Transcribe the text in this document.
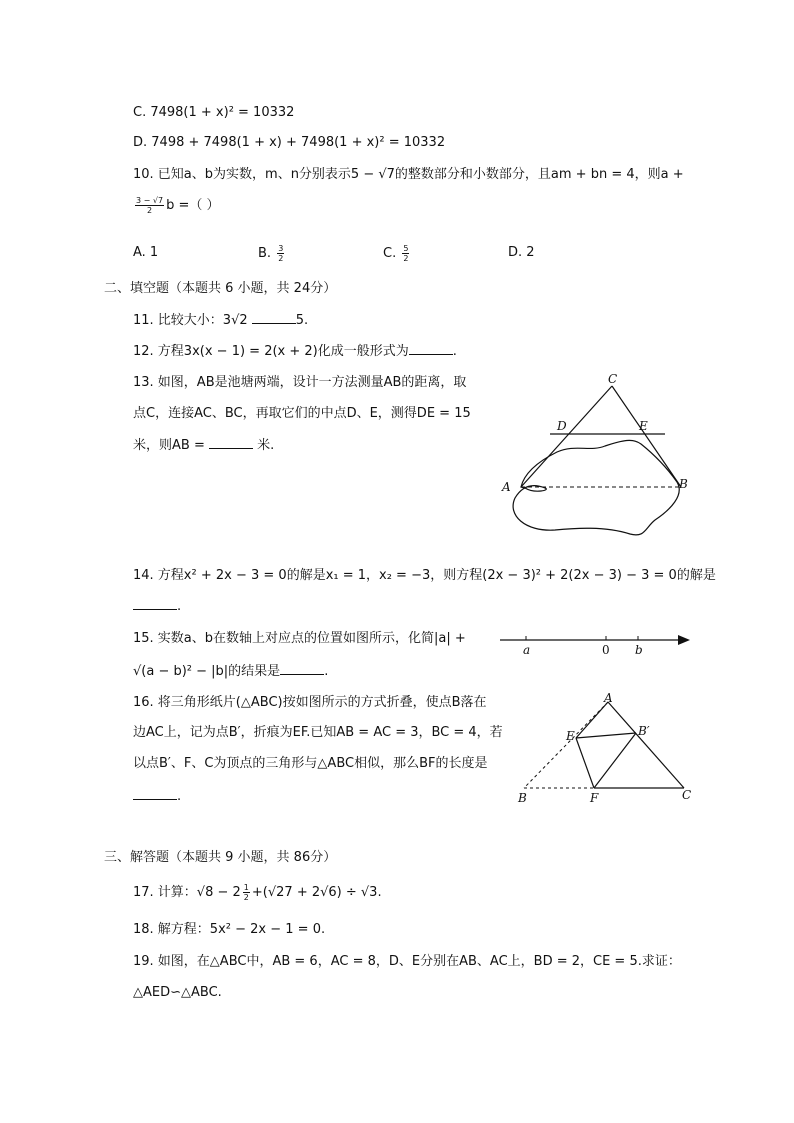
C. 7498(1 + x)² = 10332
D. 7498 + 7498(1 + x) + 7498(1 + x)² = 10332
10. 已知a、b为实数，m、n分别表示5 − √7的整数部分和小数部分，且am + bn = 4，则a +
$\frac{3 - √7}{2}$ b =（ ）
A. 1	B. $\frac{3}{2}$	C. $\frac{5}{2}$	D. 2
二、填空题（本题共 6 小题，共 24分）
11. 比较大小：3√2	5.
12. 方程3x(x − 1) = 2(x + 2)化成一般形式为	.
13. 如图，AB是池塘两端，设计一方法测量AB的距离，取
点C，连接AC、BC，再取它们的中点D、E，测得DE = 15
米，则AB =	米.
C
D	E
A	B
14. 方程x² + 2x − 3 = 0的解是x₁ = 1，x₂ = −3，则方程(2x − 3)² + 2(2x − 3) − 3 = 0的解是
.
15. 实数a、b在数轴上对应点的位置如图所示，化简|a| +
√(a − b)² − |b|的结果是	.
a	0 b
16. 将三角形纸片(△ABC)按如图所示的方式折叠，使点B落在
边AC上，记为点B′，折痕为EF.已知AB = AC = 3，BC = 4，若
以点B′、F、C为顶点的三角形与△ABC相似，那么BF的长度是
.
A
E	B′
B	F	C
三、解答题（本题共 9 小题，共 86分）
17. 计算：$√8 - 2 \frac{1}{2} +(√27 + 2√6) \div √3$.
18. 解方程：5x² − 2x − 1 = 0.
19. 如图，在△ABC中，AB = 6，AC = 8，D、E分别在AB、AC上，BD = 2，CE = 5.求证：
△AED∽△ABC.
